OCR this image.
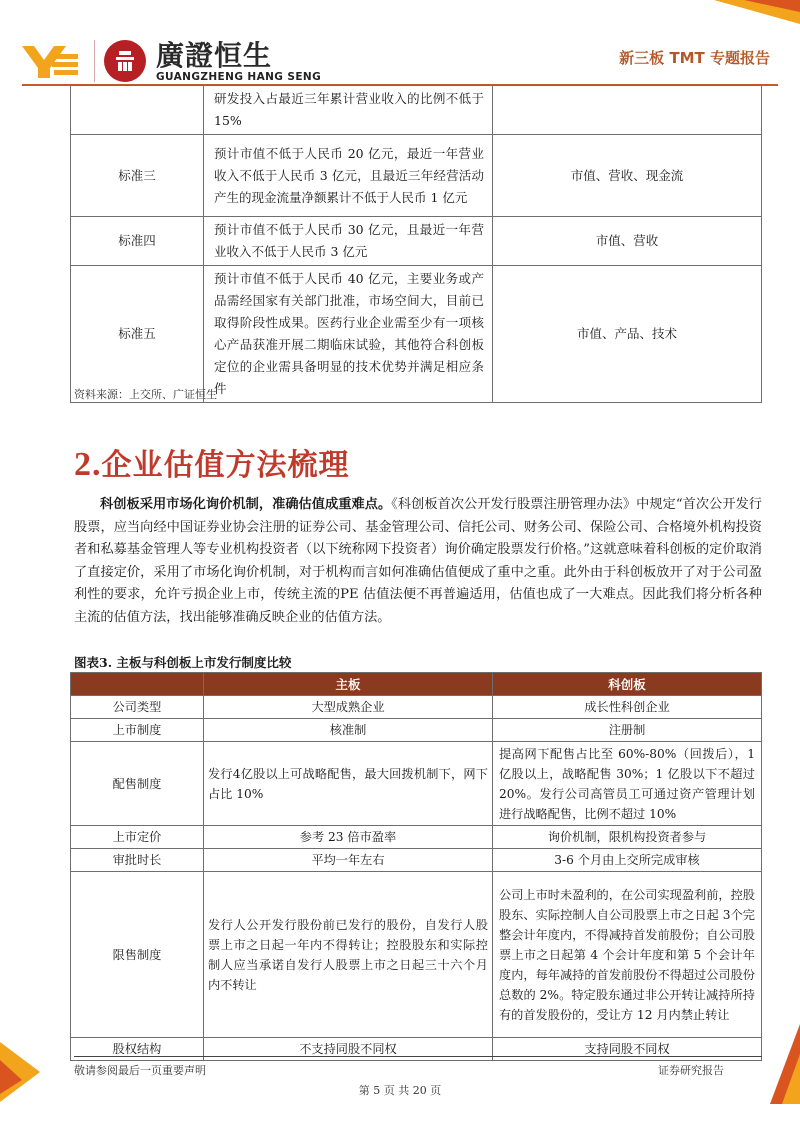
廣證恒生
GUANGZHENG HANG SENG
新三板 TMT 专题报告
	研发投入占最近三年累计营业收入的比例不低于15%	
标准三	预计市值不低于人民币 20 亿元，最近一年营业收入不低于人民币 3 亿元，且最近三年经营活动产生的现金流量净额累计不低于人民币 1 亿元	市值、营收、现金流
标准四	预计市值不低于人民币 30 亿元，且最近一年营业收入不低于人民币 3 亿元	市值、营收
标准五	预计市值不低于人民币 40 亿元，主要业务或产品需经国家有关部门批准，市场空间大，目前已取得阶段性成果。医药行业企业需至少有一项核心产品获准开展二期临床试验，其他符合科创板定位的企业需具备明显的技术优势并满足相应条件	市值、产品、技术
资料来源：上交所、广证恒生
2.企业估值方法梳理
科创板采用市场化询价机制，准确估值成重难点。《科创板首次公开发行股票注册管理办法》中规定“首次公开发行股票，应当向经中国证券业协会注册的证券公司、基金管理公司、信托公司、财务公司、保险公司、合格境外机构投资者和私募基金管理人等专业机构投资者（以下统称网下投资者）询价确定股票发行价格。”这就意味着科创板的定价取消了直接定价，采用了市场化询价机制，对于机构而言如何准确估值便成了重中之重。此外由于科创板放开了对于公司盈利性的要求，允许亏损企业上市，传统主流的PE 估值法便不再普遍适用，估值也成了一大难点。因此我们将分析各种主流的估值方法，找出能够准确反映企业的估值方法。
图表3. 主板与科创板上市发行制度比较
	主板	科创板
公司类型	大型成熟企业	成长性科创企业
上市制度	核准制	注册制
配售制度	发行4亿股以上可战略配售，最大回拨机制下，网下占比 10%	提高网下配售占比至 60%-80%（回拨后），1 亿股以上，战略配售 30%；1 亿股以下不超过 20%。发行公司高管员工可通过资产管理计划进行战略配售，比例不超过 10%
上市定价	参考 23 倍市盈率	询价机制，限机构投资者参与
审批时长	平均一年左右	3-6 个月由上交所完成审核
限售制度	发行人公开发行股份前已发行的股份，自发行人股票上市之日起一年内不得转让；控股股东和实际控制人应当承诺自发行人股票上市之日起三十六个月内不转让	公司上市时未盈利的，在公司实现盈利前，控股股东、实际控制人自公司股票上市之日起 3个完整会计年度内，不得减持首发前股份；自公司股票上市之日起第 4 个会计年度和第 5 个会计年度内，每年减持的首发前股份不得超过公司股份总数的 2%。特定股东通过非公开转让减持所持有的首发股份的，受让方 12 月内禁止转让
股权结构	不支持同股不同权	支持同股不同权
敬请参阅最后一页重要声明	证券研究报告
第 5 页 共 20 页
